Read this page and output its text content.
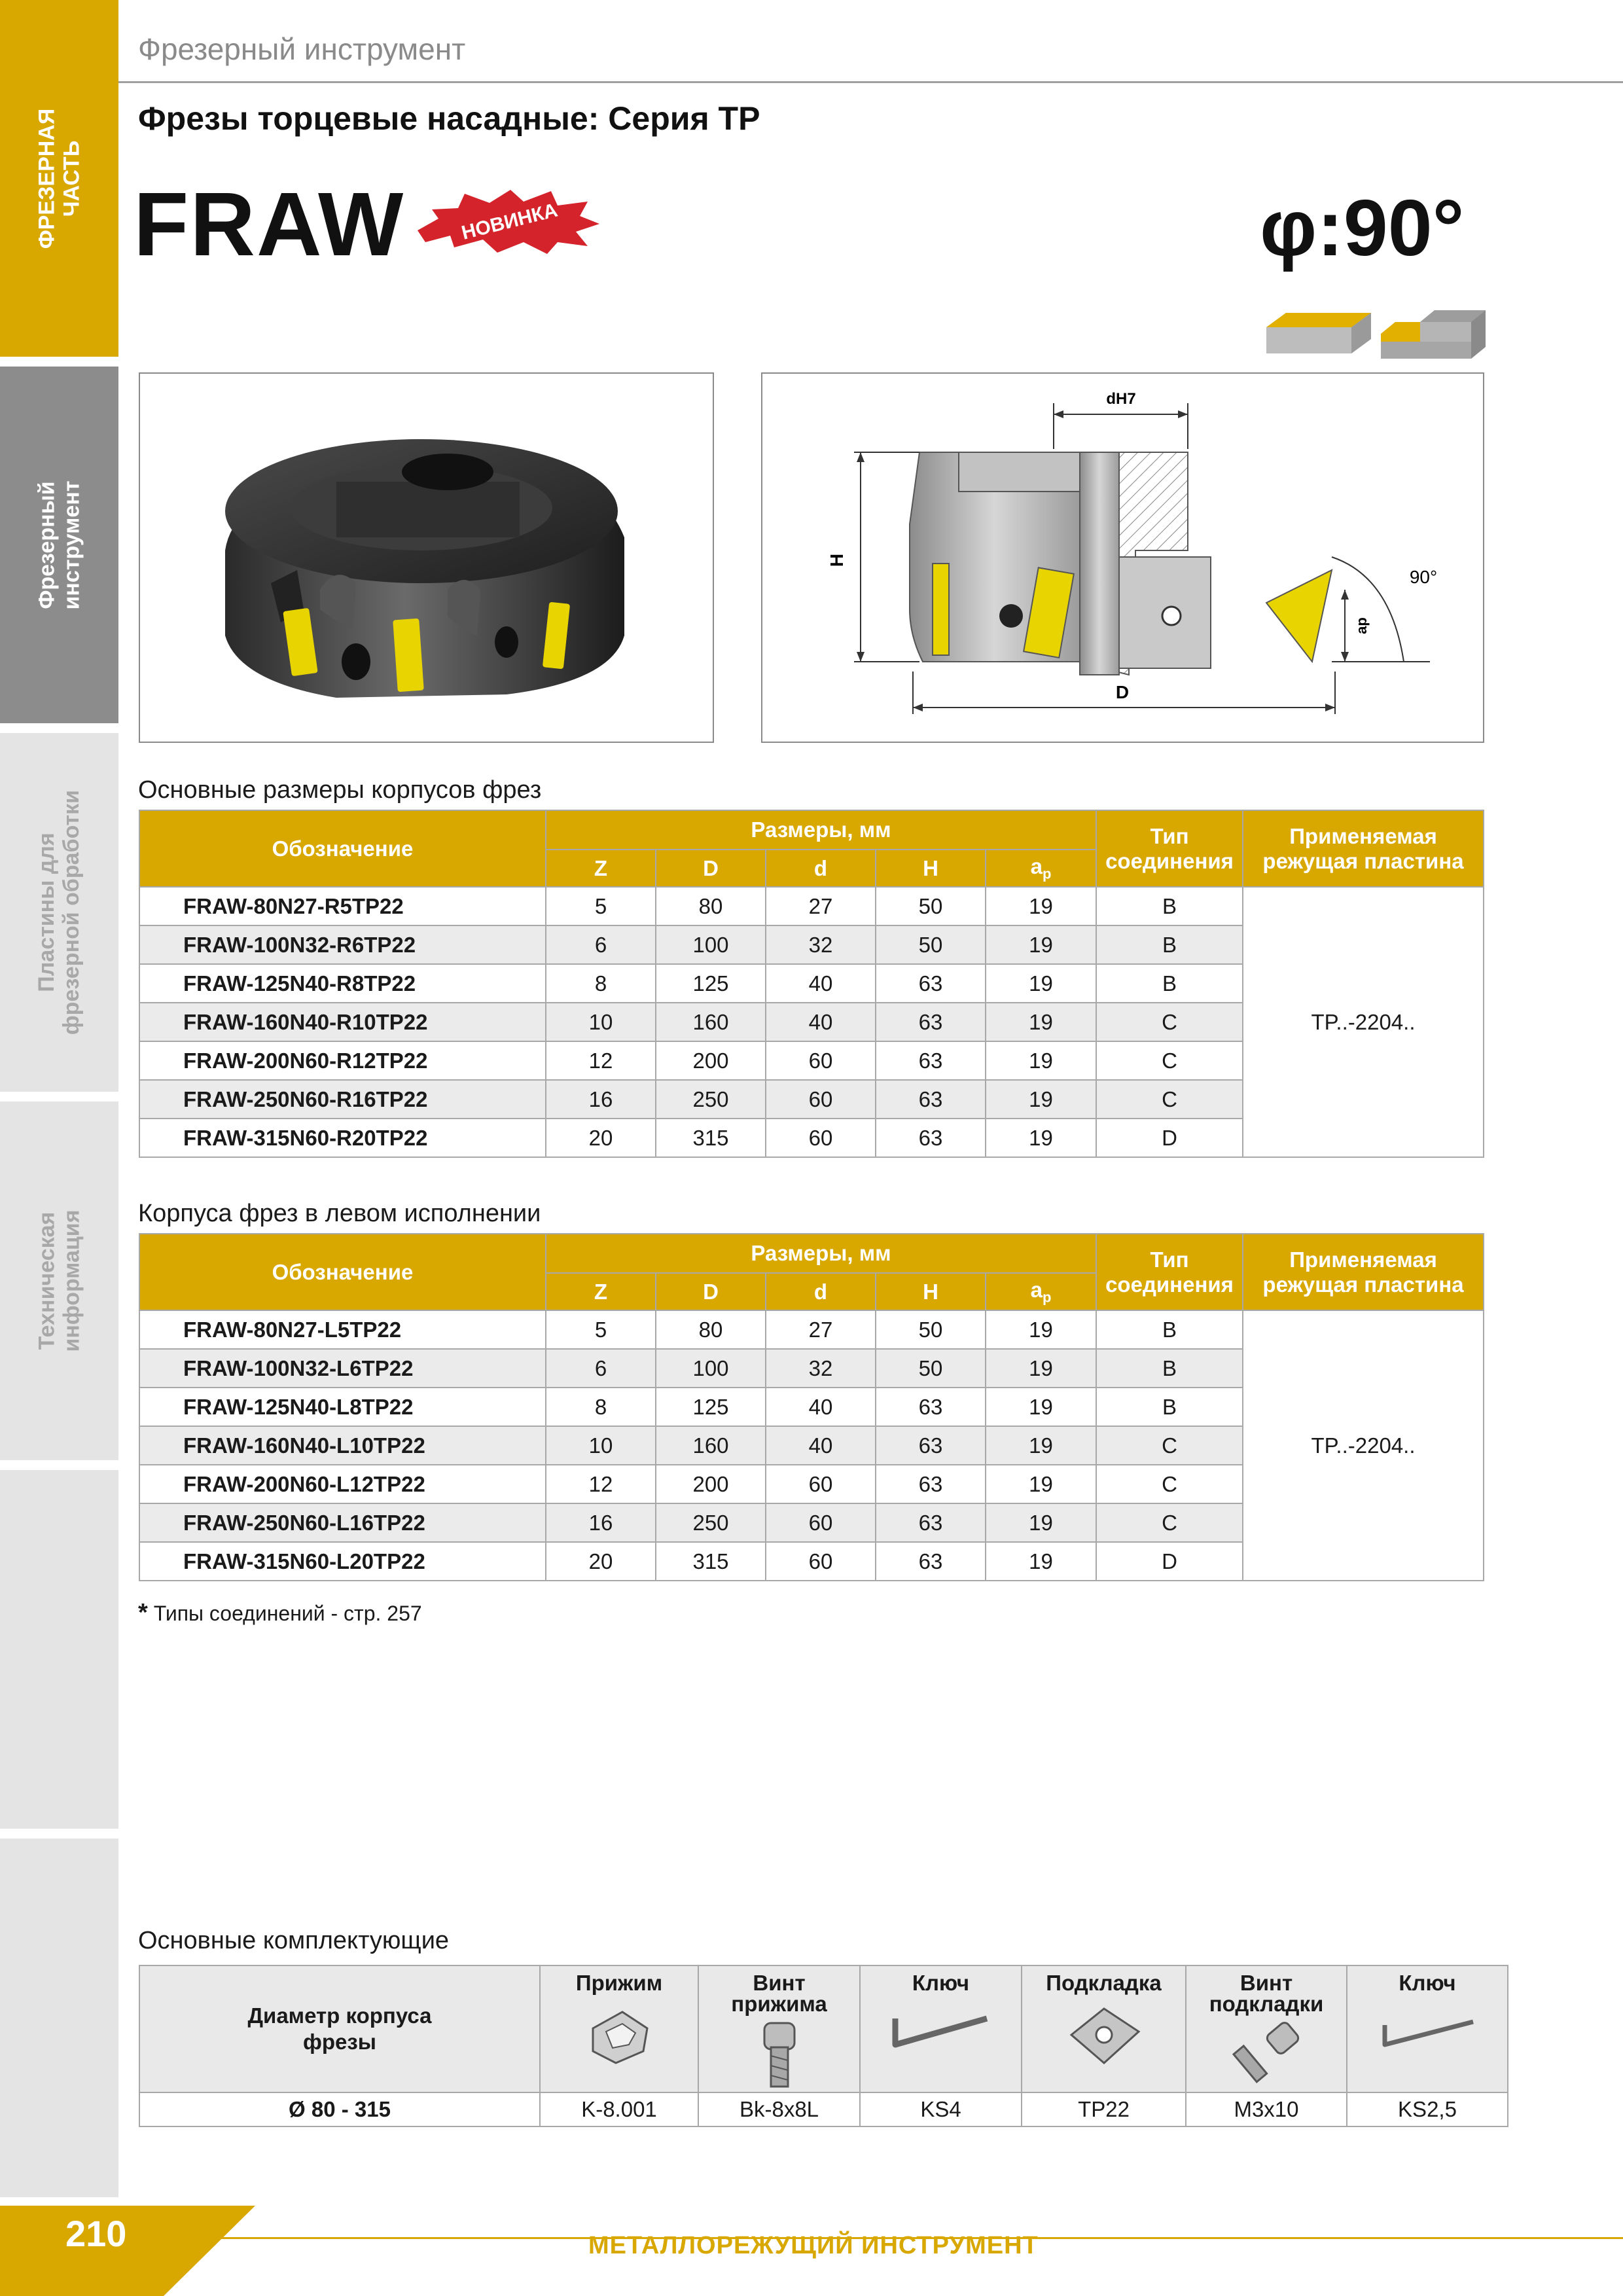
ФРЕЗЕРНАЯ
ЧАСТЬ
Фрезерный
инструмент
Пластины для
фрезерной обработки
Техническая
информация
Фрезерный инструмент
Фрезы торцевые насадные: Серия TP
FRAW	НОВИНКА	φ:90°
dH7
H
D
ap
90°
Основные размеры корпусов фрез
Обозначение	Размеры, мм					Тип
соединения	Применяемая
режущая пластина
	Z	D	d	H	$a_p$
FRAW-80N27-R5TP22	5	80	27	50	19	B	TP..-2204..
FRAW-100N32-R6TP22	6	100	32	50	19	B	
FRAW-125N40-R8TP22	8	125	40	63	19	B	
FRAW-160N40-R10TP22	10	160	40	63	19	C	
FRAW-200N60-R12TP22	12	200	60	63	19	C	
FRAW-250N60-R16TP22	16	250	60	63	19	C	
FRAW-315N60-R20TP22	20	315	60	63	19	D	
Корпуса фрез в левом исполнении
Обозначение	Размеры, мм					Тип
соединения	Применяемая
режущая пластина
	Z	D	d	H	$a_p$
FRAW-80N27-L5TP22	5	80	27	50	19	B	TP..-2204..
FRAW-100N32-L6TP22	6	100	32	50	19	B	
FRAW-125N40-L8TP22	8	125	40	63	19	B	
FRAW-160N40-L10TP22	10	160	40	63	19	C	
FRAW-200N60-L12TP22	12	200	60	63	19	C	
FRAW-250N60-L16TP22	16	250	60	63	19	C	
FRAW-315N60-L20TP22	20	315	60	63	19	D	
* Типы соединений - стр. 257
Основные комплектующие
Диаметр корпуса
фрезы	Прижим	Винт
прижима	Ключ	Подкладка	Винт
подкладки	Ключ

Ø 80 - 315	K-8.001	Bk-8x8L	KS4	TP22	M3x10	KS2,5
210	МЕТАЛЛОРЕЖУЩИЙ ИНСТРУМЕНТ
